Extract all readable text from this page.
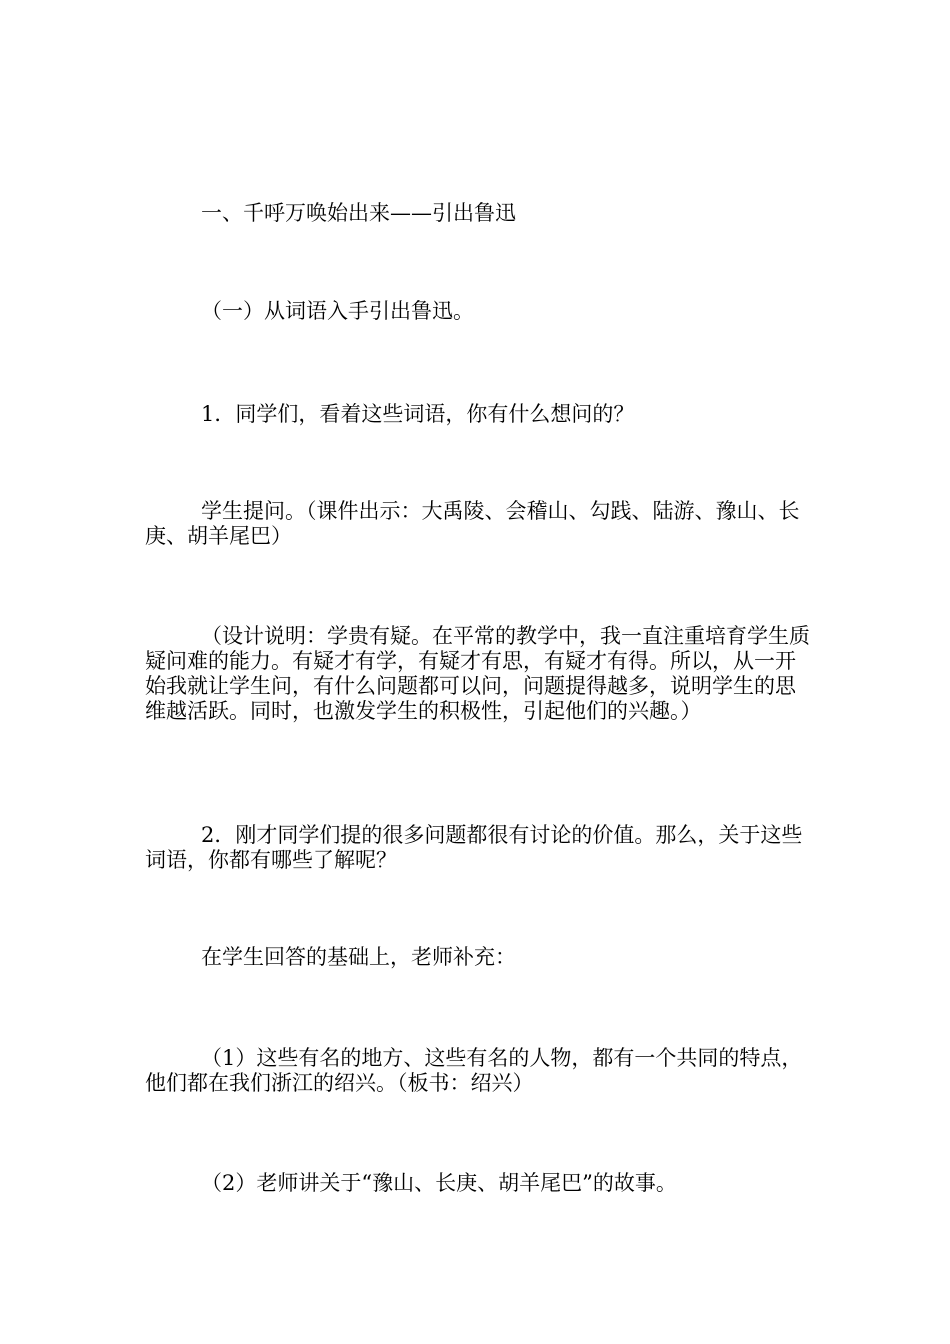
一、千呼万唤始出来——引出鲁迅

（一）从词语入手引出鲁迅。

1．同学们，看着这些词语，你有什么想问的？

学生提问。（课件出示：大禹陵、会稽山、勾践、陆游、豫山、长庚、胡羊尾巴）

（设计说明：学贵有疑。在平常的教学中，我一直注重培育学生质疑问难的能力。有疑才有学，有疑才有思，有疑才有得。所以，从一开始我就让学生问，有什么问题都可以问，问题提得越多，说明学生的思维越活跃。同时，也激发学生的积极性，引起他们的兴趣。）

2．刚才同学们提的很多问题都很有讨论的价值。那么，关于这些词语，你都有哪些了解呢？

在学生回答的基础上，老师补充：

（1）这些有名的地方、这些有名的人物，都有一个共同的特点，他们都在我们浙江的绍兴。（板书：绍兴）

（2）老师讲关于“豫山、长庚、胡羊尾巴”的故事。
